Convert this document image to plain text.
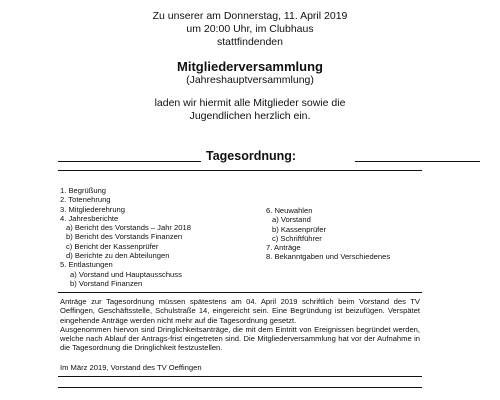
Zu unserer am Donnerstag, 11. April 2019
um 20:00 Uhr, im Clubhaus
stattfindenden
Mitgliederversammlung
(Jahreshauptversammlung)
laden wir hiermit alle Mitglieder sowie die
Jugendlichen herzlich ein.
Tagesordnung:
1. Begrüßung
2. Totenehrung
3. Mitgliederehrung
4. Jahresberichte
a) Bericht des Vorstands – Jahr 2018
b) Bericht des Vorstands Finanzen
c) Bericht der Kassenprüfer
d) Berichte zu den Abteilungen
5. Entlastungen
a) Vorstand und Hauptausschuss
b) Vorstand Finanzen
6. Neuwahlen
a) Vorstand
b) Kassenprüfer
c) Schriftführer
7. Anträge
8. Bekanntgaben und Verschiedenes

Anträge zur Tagesordnung müssen spätestens am 04. April 2019 schriftlich beim Vorstand des TV Oeffingen, Geschäftsstelle, Schulstraße 14, eingereicht sein. Eine Begründung ist beizufügen. Verspätet eingehende Anträge werden nicht mehr auf die Tagesordnung gesetzt.

Ausgenommen hiervon sind Dringlichkeitsanträge, die mit dem Eintritt von Ereignissen begründet werden, welche nach Ablauf der Antrags-frist eingetreten sind. Die Mitgliederversammlung hat vor der Aufnahme in die Tagesordnung die Dringlichkeit festzustellen.

Im März 2019, Vorstand des TV Oeffingen
